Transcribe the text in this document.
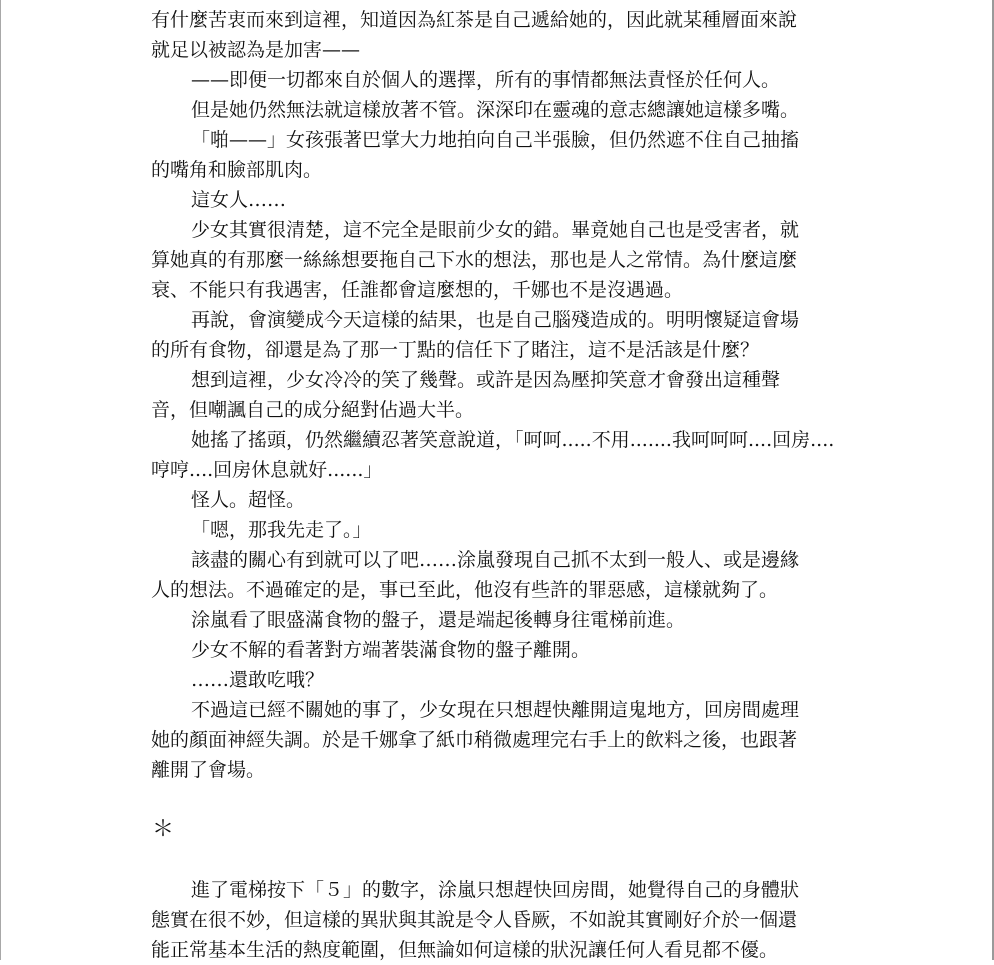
有什麼苦衷而來到這裡，知道因為紅茶是自己遞給她的，因此就某種層面來說

就足以被認為是加害——

——即便一切都來自於個人的選擇，所有的事情都無法責怪於任何人。

但是她仍然無法就這樣放著不管。深深印在靈魂的意志總讓她這樣多嘴。

「啪——」女孩張著巴掌大力地拍向自己半張臉，但仍然遮不住自己抽搐

的嘴角和臉部肌肉。

這女人……

少女其實很清楚，這不完全是眼前少女的錯。畢竟她自己也是受害者，就

算她真的有那麼一絲絲想要拖自己下水的想法，那也是人之常情。為什麼這麼

衰、不能只有我遇害，任誰都會這麼想的，千娜也不是沒遇過。

再說，會演變成今天這樣的結果，也是自己腦殘造成的。明明懷疑這會場

的所有食物，卻還是為了那一丁點的信任下了賭注，這不是活該是什麼？

想到這裡，少女冷冷的笑了幾聲。或許是因為壓抑笑意才會發出這種聲

音，但嘲諷自己的成分絕對佔過大半。

她搖了搖頭，仍然繼續忍著笑意說道，「呵呵.....不用.......我呵呵呵....回房....

哼哼....回房休息就好......」

怪人。超怪。

「嗯，那我先走了。」

該盡的關心有到就可以了吧……涂嵐發現自己抓不太到一般人、或是邊緣

人的想法。不過確定的是，事已至此，他沒有些許的罪惡感，這樣就夠了。

涂嵐看了眼盛滿食物的盤子，還是端起後轉身往電梯前進。

少女不解的看著對方端著裝滿食物的盤子離開。

……還敢吃哦？

不過這已經不關她的事了，少女現在只想趕快離開這鬼地方，回房間處理

她的顏面神經失調。於是千娜拿了紙巾稍微處理完右手上的飲料之後，也跟著

離開了會場。

＊

進了電梯按下「５」的數字，涂嵐只想趕快回房間，她覺得自己的身體狀

態實在很不妙，但這樣的異狀與其說是令人昏厥，不如說其實剛好介於一個還

能正常基本生活的熱度範圍，但無論如何這樣的狀況讓任何人看見都不優。
